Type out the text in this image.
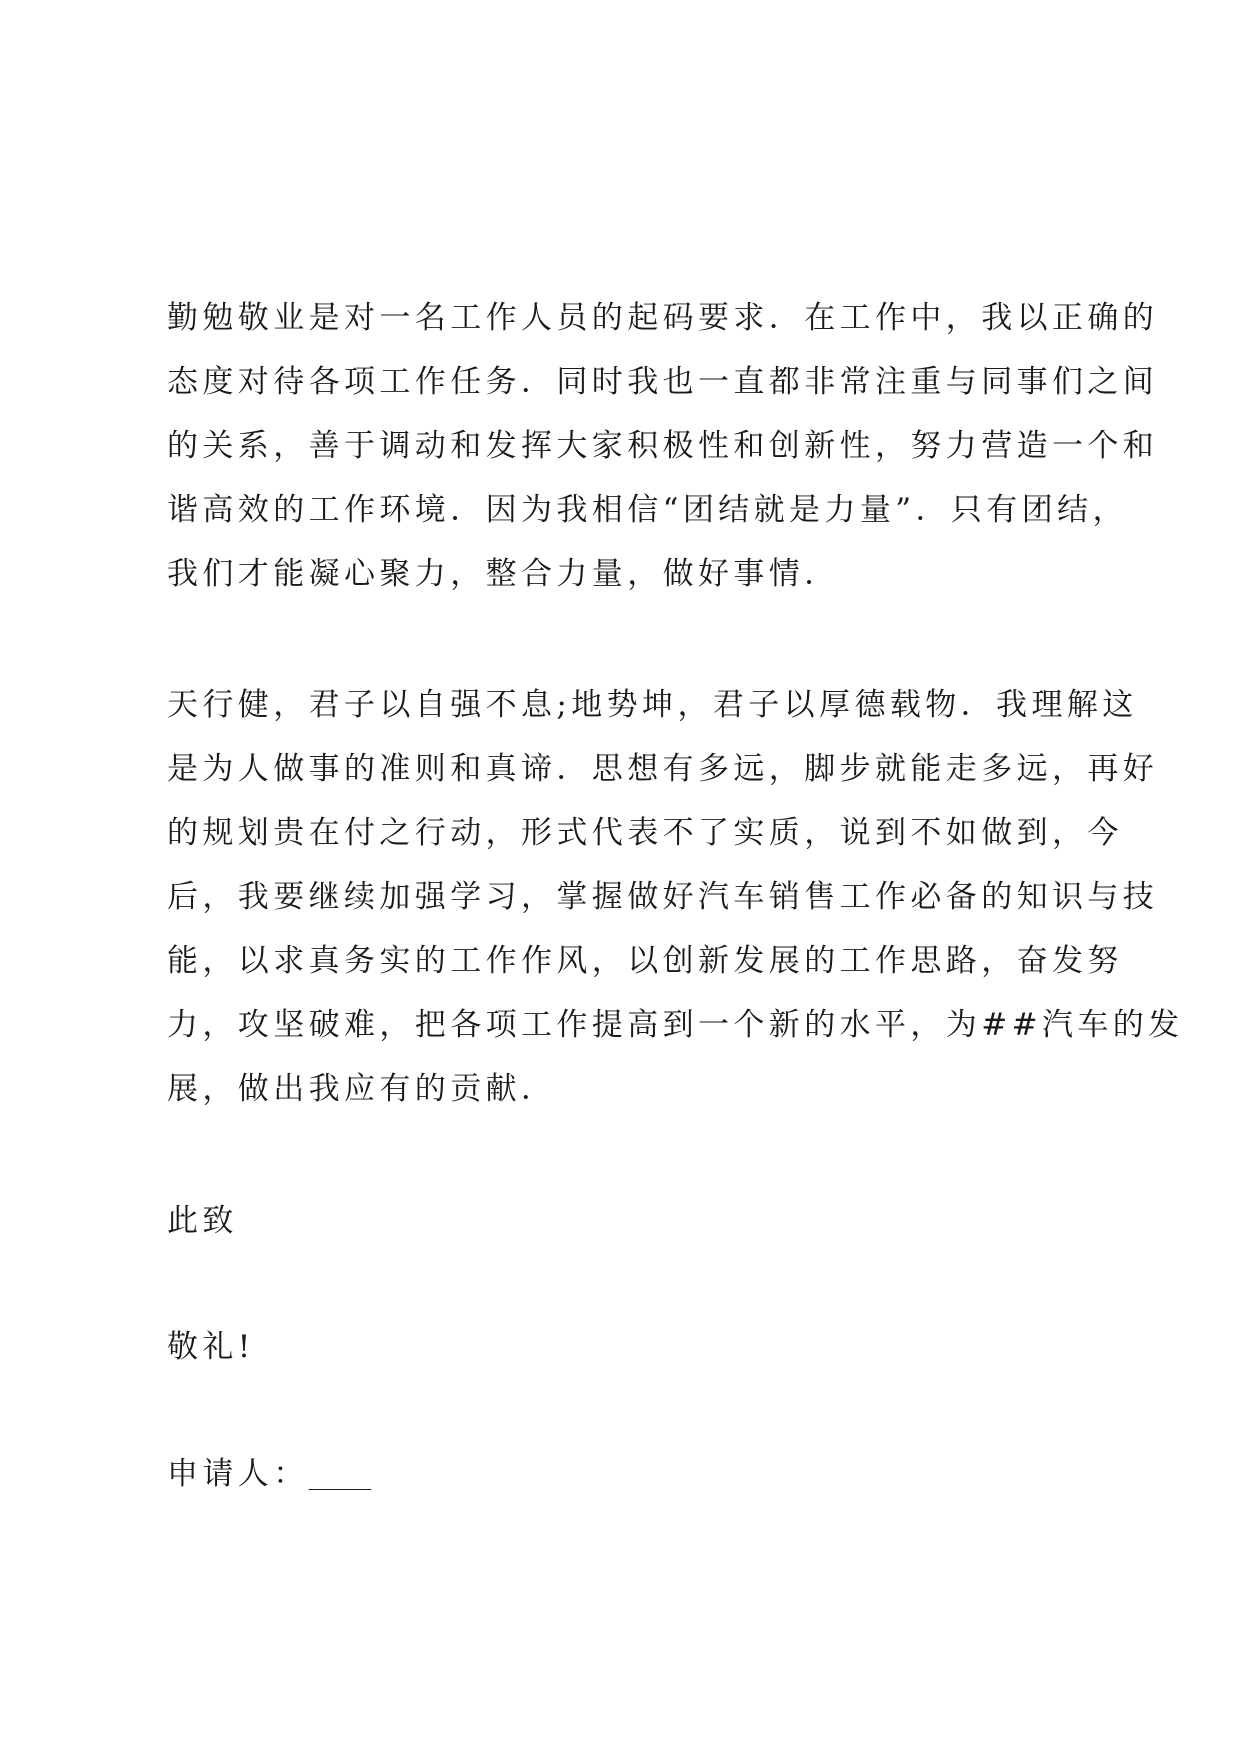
勤勉敬业是对一名工作人员的起码要求．在工作中，我以正确的
态度对待各项工作任务．同时我也一直都非常注重与同事们之间
的关系，善于调动和发挥大家积极性和创新性，努力营造一个和
谐高效的工作环境．因为我相信“团结就是力量”．只有团结，
我们才能凝心聚力，整合力量，做好事情．
天行健，君子以自强不息;地势坤，君子以厚德载物．我理解这
是为人做事的准则和真谛．思想有多远，脚步就能走多远，再好
的规划贵在付之行动，形式代表不了实质，说到不如做到，今
后，我要继续加强学习，掌握做好汽车销售工作必备的知识与技
能，以求真务实的工作作风，以创新发展的工作思路，奋发努
力，攻坚破难，把各项工作提高到一个新的水平，为##汽车的发
展，做出我应有的贡献．
此致
敬礼!
申请人：____
